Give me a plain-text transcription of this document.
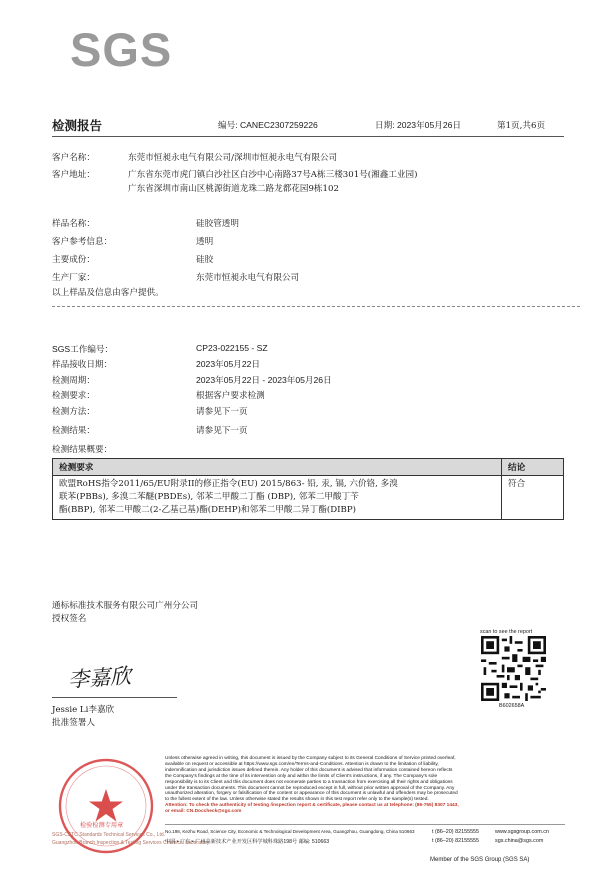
SGS
检测报告	编号: CANEC2307259226	日期: 2023年05月26日	第1页,共6页
客户名称：	东莞市恒昶永电气有限公司/深圳市恒昶永电气有限公司
客户地址：	广东省东莞市虎门镇白沙社区白沙中心南路37号A栋三楼301号(湘鑫工业园)
广东省深圳市南山区桃源街道龙珠二路龙都花园9栋102
样品名称：	硅胶管透明
客户参考信息：	透明
主要成份：	硅胶
生产厂家：	东莞市恒昶永电气有限公司
以上样品及信息由客户提供。
SGS工作编号：	CP23-022155 - SZ
样品接收日期：	2023年05月22日
检测周期：	2023年05月22日 - 2023年05月26日
检测要求：	根据客户要求检测
检测方法：	请参见下一页
检测结果：	请参见下一页
检测结果概要：
检测要求	结论

欧盟RoHS指令2011/65/EU附录II的修正指令(EU) 2015/863- 铅, 汞, 镉, 六价铬, 多溴
联苯(PBBs), 多溴二苯醚(PBDEs), 邻苯二甲酸二丁酯 (DBP), 邻苯二甲酸丁苄
酯(BBP), 邻苯二甲酸二(2-乙基己基)酯(DEHP)和邻苯二甲酸二异丁酯(DIBP)	符合
通标标准技术服务有限公司广州分公司
授权签名
李嘉欣
Jessie Li李嘉欣
批准签署人
scan to see the report
B602658A
检验检测专用章
SGS-CSTC Standards Technical Services Co., Ltd.
Guangzhou Branch Inspection & Testing Services Chemical Laboratory
Unless otherwise agreed in writing, this document is issued by the Company subject to its General Conditions of Service printed overleaf,
available on request or accessible at https://www.sgs.com/en/Terms-and-Conditions. Attention is drawn to the limitation of liability,
indemnification and jurisdiction issues defined therein. Any holder of this document is advised that information contained hereon reflects
the Company's findings at the time of its intervention only and within the limits of Client's instructions, if any. The Company's sole
responsibility is to its Client and this document does not exonerate parties to a transaction from exercising all their rights and obligations
under the transaction documents. This document cannot be reproduced except in full, without prior written approval of the Company. Any
unauthorized alteration, forgery or falsification of the content or appearance of this document is unlawful and offenders may be prosecuted
to the fullest extent of the law. Unless otherwise stated the results shown in this test report refer only to the sample(s) tested.
Attention: To check the authenticity of testing /inspection report & certificate, please contact us at telephone: (86-755) 8307 1443,
or email: CN.Doccheck@sgs.com
No.198, Kezhu Road, Science City, Economic & Technological Development Area, Guangzhou, Guangdong, China 510663
中国 • 广东 • 广州高新技术产业开发区科学城科珠路198号 邮编: 510663
t (86–20) 82155555
t (86–20) 82155555
www.sgsgroup.com.cn
sgs.china@sgs.com
Member of the SGS Group (SGS SA)
